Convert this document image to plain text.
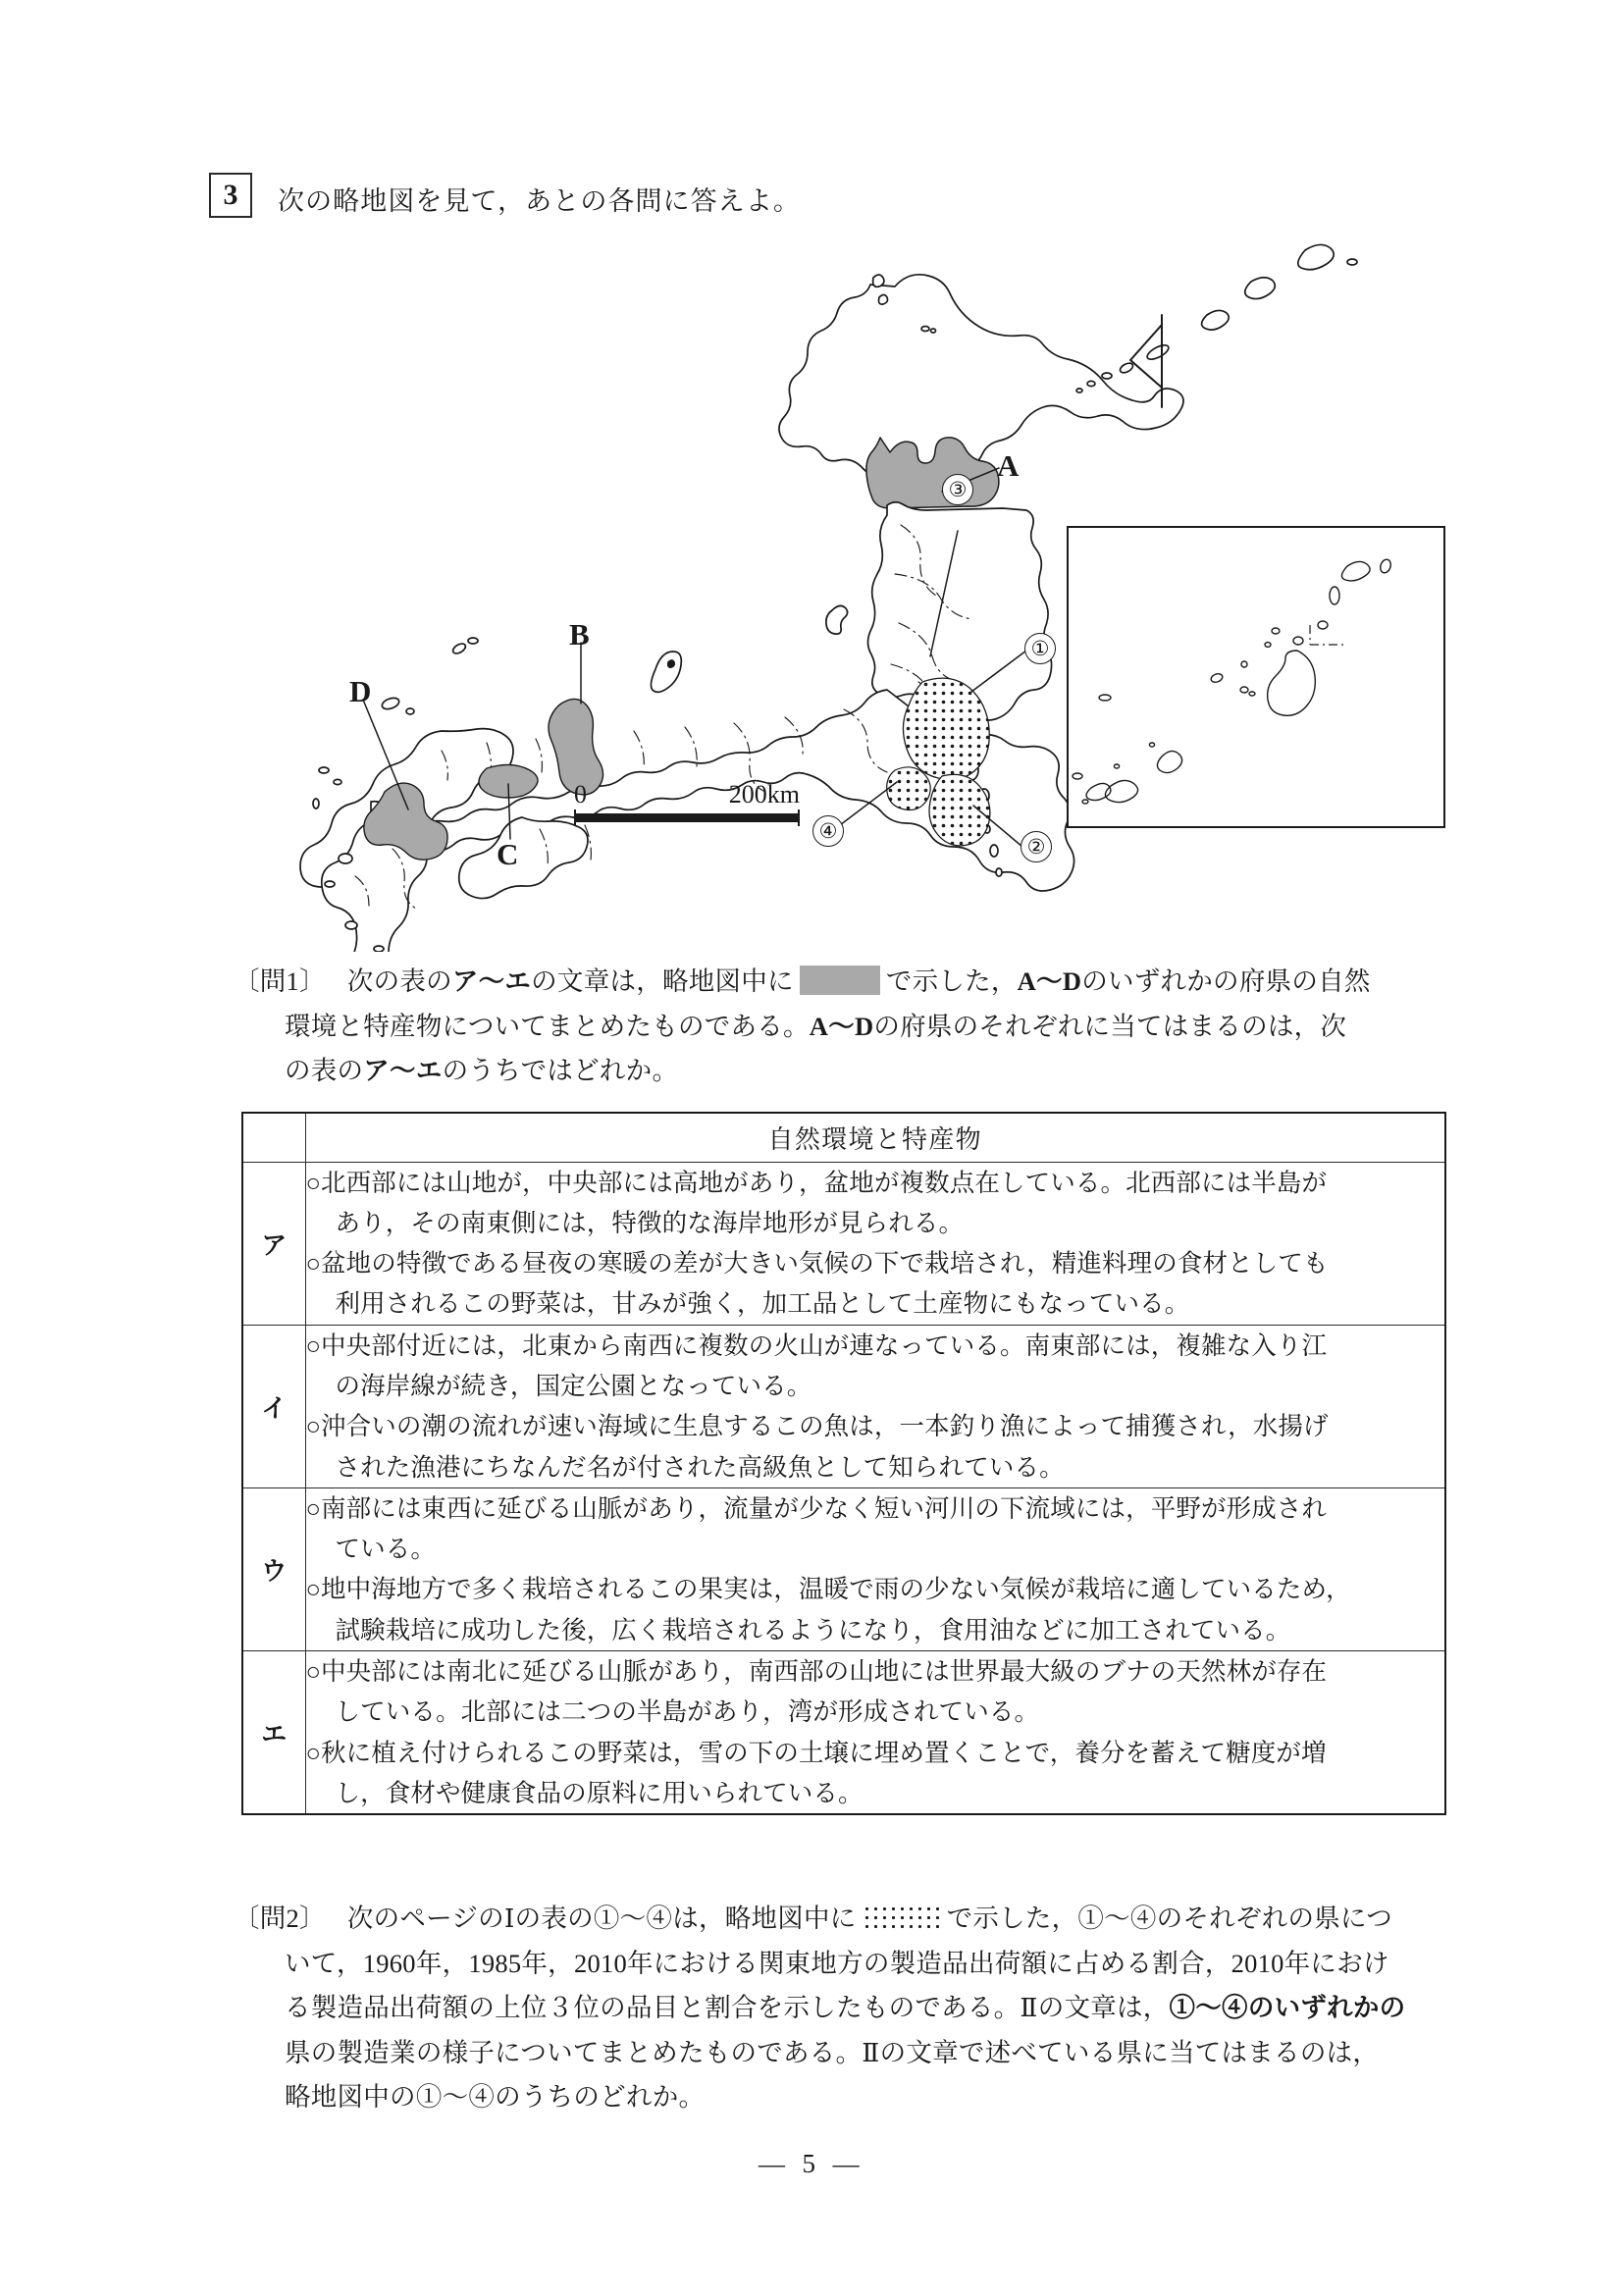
3	次の略地図を見て，あとの各問に答えよ。
A
B
C
D
①
②
③
④
0	200km
〔問1〕 次の表のア～エの文章は，略地図中に	で示した，A～Dのいずれかの府県の自然
環境と特産物についてまとめたものである。A～Dの府県のそれぞれに当てはまるのは，次
の表のア～エのうちではどれか。
	自然環境と特産物
ア	○北西部には山地が，中央部には高地があり，盆地が複数点在している。北西部には半島が
あり，その南東側には，特徴的な海岸地形が見られる。
○盆地の特徴である昼夜の寒暖の差が大きい気候の下で栽培され，精進料理の食材としても
利用されるこの野菜は，甘みが強く，加工品として土産物にもなっている。

イ	○中央部付近には，北東から南西に複数の火山が連なっている。南東部には，複雑な入り江
の海岸線が続き，国定公園となっている。
○沖合いの潮の流れが速い海域に生息するこの魚は，一本釣り漁によって捕獲され，水揚げ
された漁港にちなんだ名が付された高級魚として知られている。

ウ	○南部には東西に延びる山脈があり，流量が少なく短い河川の下流域には，平野が形成され
ている。
○地中海地方で多く栽培されるこの果実は，温暖で雨の少ない気候が栽培に適しているため，
試験栽培に成功した後，広く栽培されるようになり，食用油などに加工されている。

エ	○中央部には南北に延びる山脈があり，南西部の山地には世界最大級のブナの天然林が存在
している。北部には二つの半島があり，湾が形成されている。
○秋に植え付けられるこの野菜は，雪の下の土壌に埋め置くことで，養分を蓄えて糖度が増
し，食材や健康食品の原料に用いられている。
〔問2〕 次のページのⅠの表の①～④は，略地図中に	で示した，①～④のそれぞれの県につ
いて，1960年，1985年，2010年における関東地方の製造品出荷額に占める割合，2010年におけ
る製造品出荷額の上位３位の品目と割合を示したものである。Ⅱの文章は，①～④のいずれかの
県の製造業の様子についてまとめたものである。Ⅱの文章で述べている県に当てはまるのは，
略地図中の①～④のうちのどれか。
— 5 —
